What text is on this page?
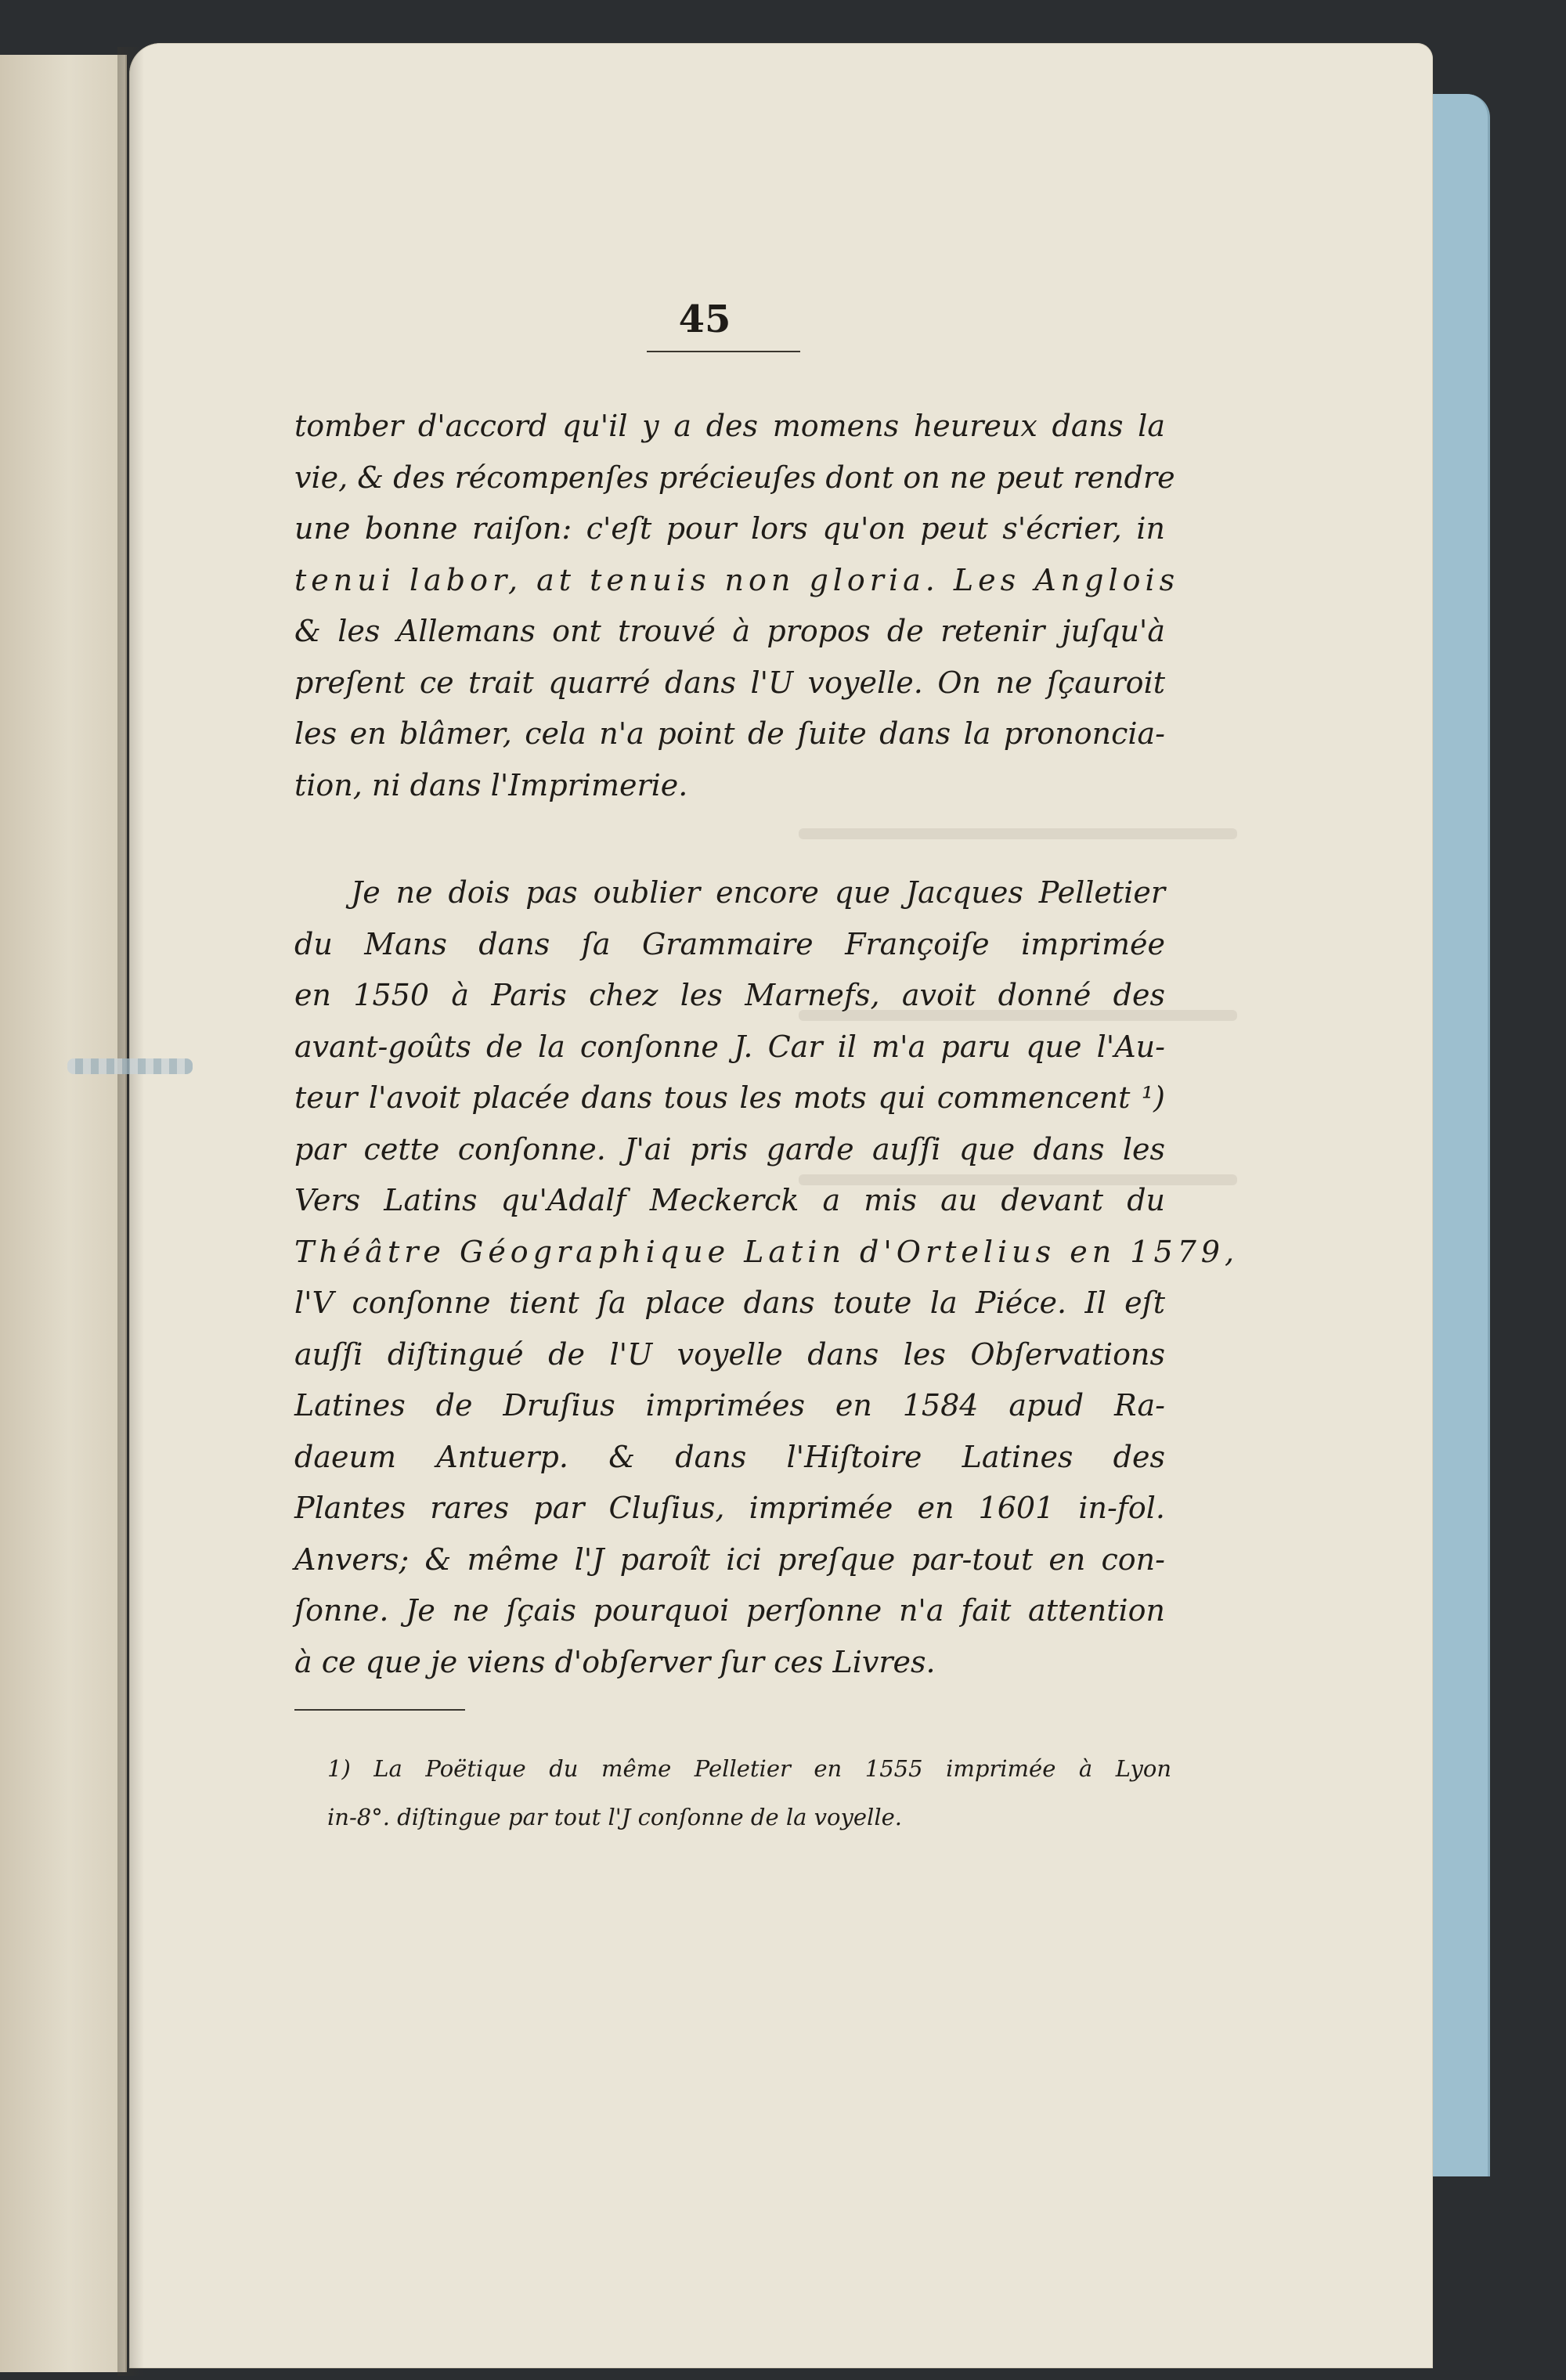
45
tomber d'accord qu'il y a des momens heureux dans la
vie, & des récompenſes précieuſes dont on ne peut rendre
une bonne raiſon: c'eſt pour lors qu'on peut s'écrier, in
tenui labor, at tenuis non gloria. Les Anglois
& les Allemans ont trouvé à propos de retenir juſqu'à
preſent ce trait quarré dans l'U voyelle. On ne ſçauroit
les en blâmer, cela n'a point de ſuite dans la prononcia-
tion, ni dans l'Imprimerie.
Je ne dois pas oublier encore que Jacques Pelletier
du Mans dans ſa Grammaire Françoiſe imprimée
en 1550 à Paris chez les Marnefs, avoit donné des
avant-goûts de la conſonne J. Car il m'a paru que l'Au-
teur l'avoit placée dans tous les mots qui commencent ¹)
par cette conſonne. J'ai pris garde auſſi que dans les
Vers Latins qu'Adalf Meckerck a mis au devant du
Théâtre Géographique Latin d'Ortelius en 1579,
l'V conſonne tient ſa place dans toute la Piéce. Il eſt
auſſi diſtingué de l'U voyelle dans les Obſervations
Latines de Druſius imprimées en 1584 apud Ra-
daeum Antuerp. & dans l'Hiſtoire Latines des
Plantes rares par Cluſius, imprimée en 1601 in-fol.
Anvers; & même l'J paroît ici preſque par-tout en con-
ſonne. Je ne ſçais pourquoi perſonne n'a fait attention
à ce que je viens d'obſerver ſur ces Livres.
1) La Poëtique du même Pelletier en 1555 imprimée à Lyon
in-8°. diſtingue par tout l'J conſonne de la voyelle.
